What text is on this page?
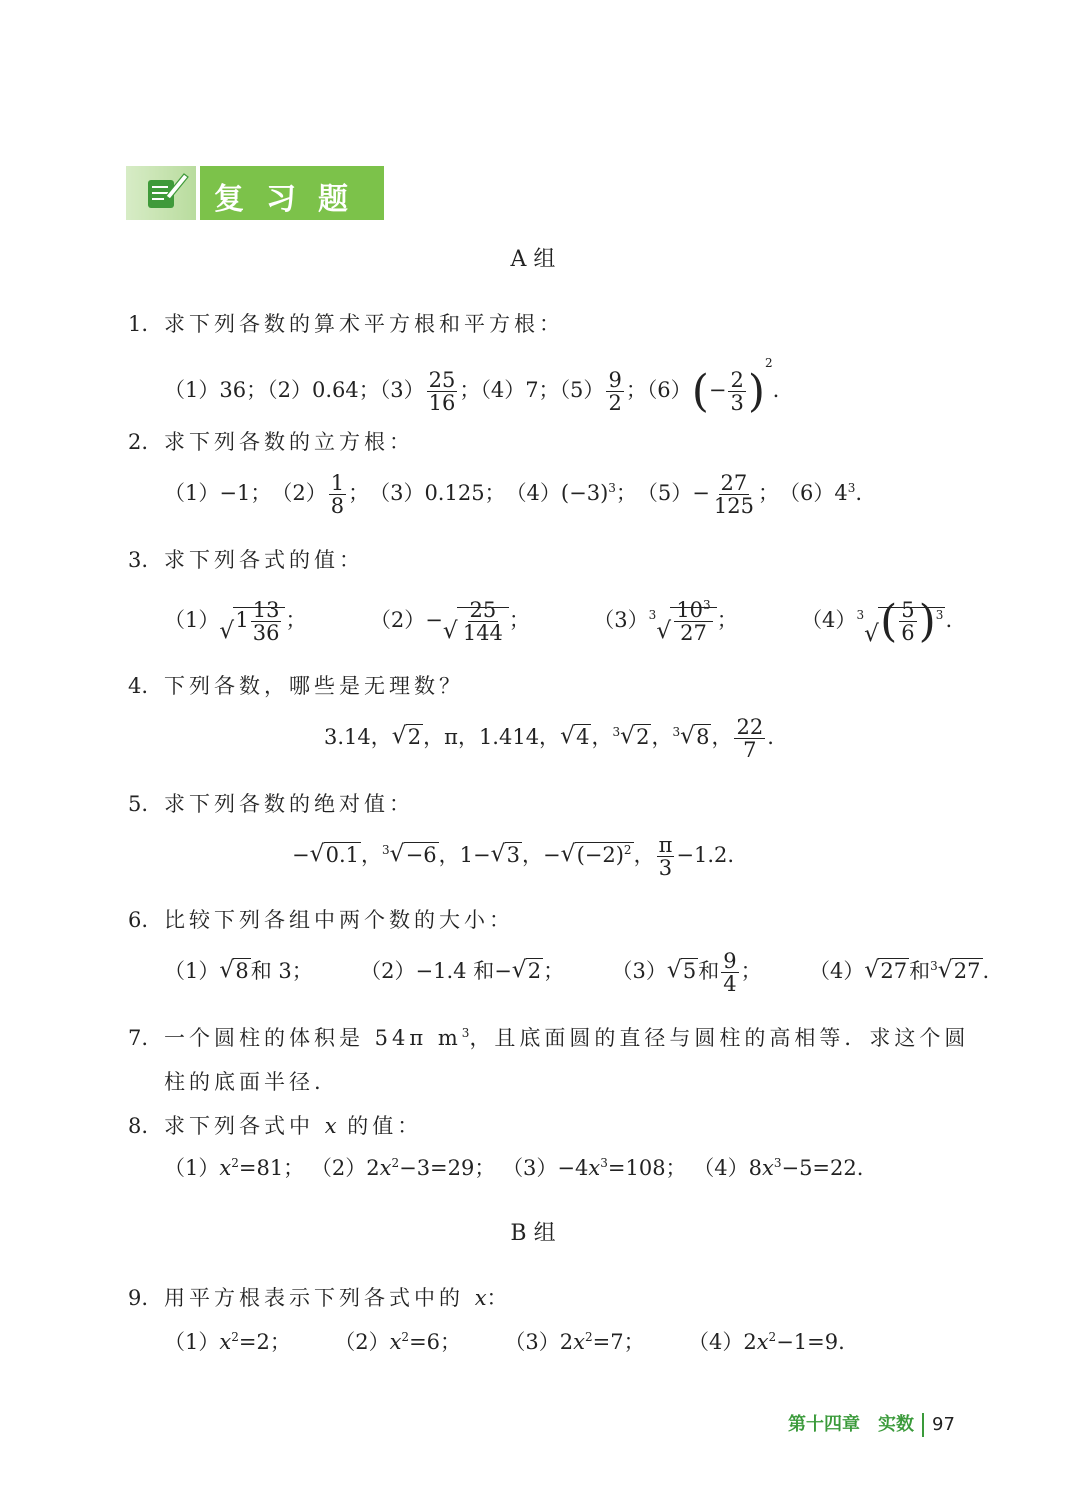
复习题
A 组
1. 求下列各数的算术平方根和平方根：
（1）36；（2）0.64；$(3) \frac{25}{16}$ ；（4）7；$(5) \frac{9}{2}$ ；$(6)(- \frac{2}{3} )^2$.
2. 求下列各数的立方根：
（1）−1；　 $(2) \frac{1}{8}$ ；　 （3）0.125；　 $(4)(-3)^3$；　 $(5)- \frac{27}{125}$ ；　 $(6)4^3$.
3. 求下列各式的值：
（1） √ $1 \frac{13}{36}$ ；	（2）− √ $\frac{25}{144}$ ；	$(3)^3$
√ $\frac{10^3}{27}$ ；	$(4)^3$
√ ( $\frac{5}{6} )^3$.
4. 下列各数，哪些是无理数？
3.14， √ 2，π，1.414， √ 4，$^3$ √ 2，$^3$ √ 8， $\frac{22}{7}$ .
5. 求下列各数的绝对值：
− √ 0.1，$^3$ √ −6，1− √ 3，− √ $(-2)^2$， $\frac{\pi}{3} -1.2$.
6. 比较下列各组中两个数的大小：
（1） √ 8和 3； （2）−1.4 和− √ 2； （3） √ 5和 $\frac{9}{4}$ ； （4） √ 27和$^3$ √ 27.
7. 一个圆柱的体积是 54π $m^3$，且底面圆的直径与圆柱的高相等．求这个圆
柱的底面半径.
8. 求下列各式中 x 的值：
$(1)x^2=81$； $(2)2x^2-3=29$； $(3)-4x^3=108$； $(4)8x^3-5=22$.
B 组
9. 用平方根表示下列各式中的 x：
$(1)x^2=2$； $(2)x^2=6$； $(3)2x^2=7$； $(4)2x^2-1=9$.
第十四章　实数 97
